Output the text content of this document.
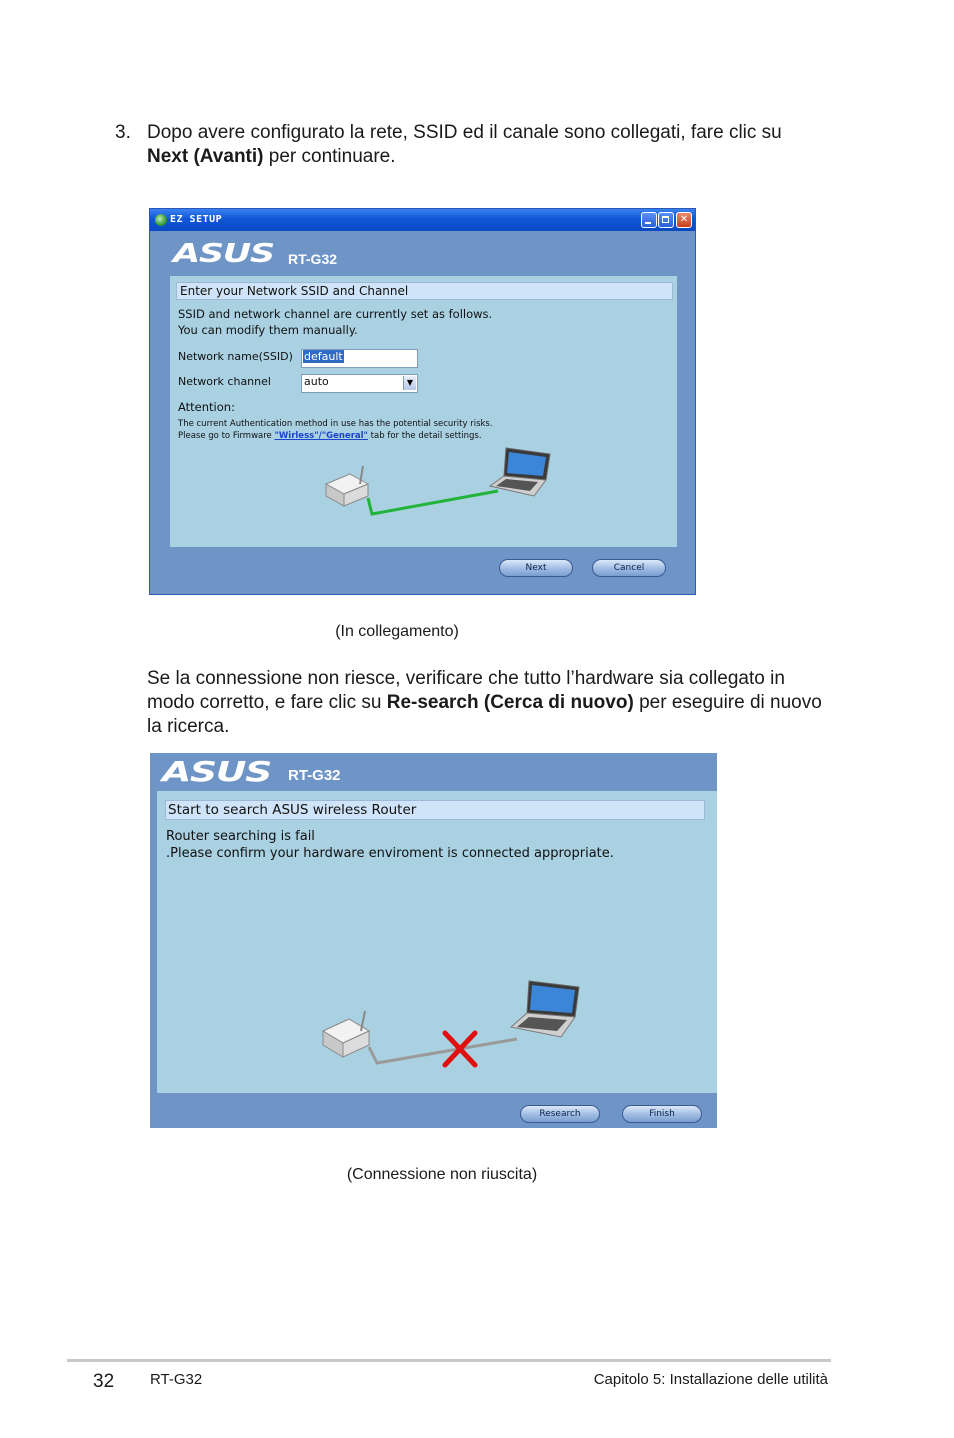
3. Dopo avere configurato la rete, SSID ed il canale sono collegati, fare clic su Next (Avanti) per continuare.
EZ SETUP	✕
ASUS RT-G32
Enter your Network SSID and Channel
SSID and network channel are currently set as follows.
You can modify them manually.
Network name(SSID) default
Network channel	auto	▼
Attention:
The current Authentication method in use has the potential security risks.
Please go to Firmware "Wirless"/"General" tab for the detail settings.
Next	Cancel
(In collegamento)
Se la connessione non riesce, verificare che tutto l’hardware sia collegato in modo corretto, e fare clic su Re-search (Cerca di nuovo) per eseguire di nuovo la ricerca.
ASUS RT-G32
Start to search ASUS wireless Router
Router searching is fail
.Please confirm your hardware enviroment is connected appropriate.
Research	Finish
(Connessione non riuscita)
32 RT-G32	Capitolo 5: Installazione delle utilità
